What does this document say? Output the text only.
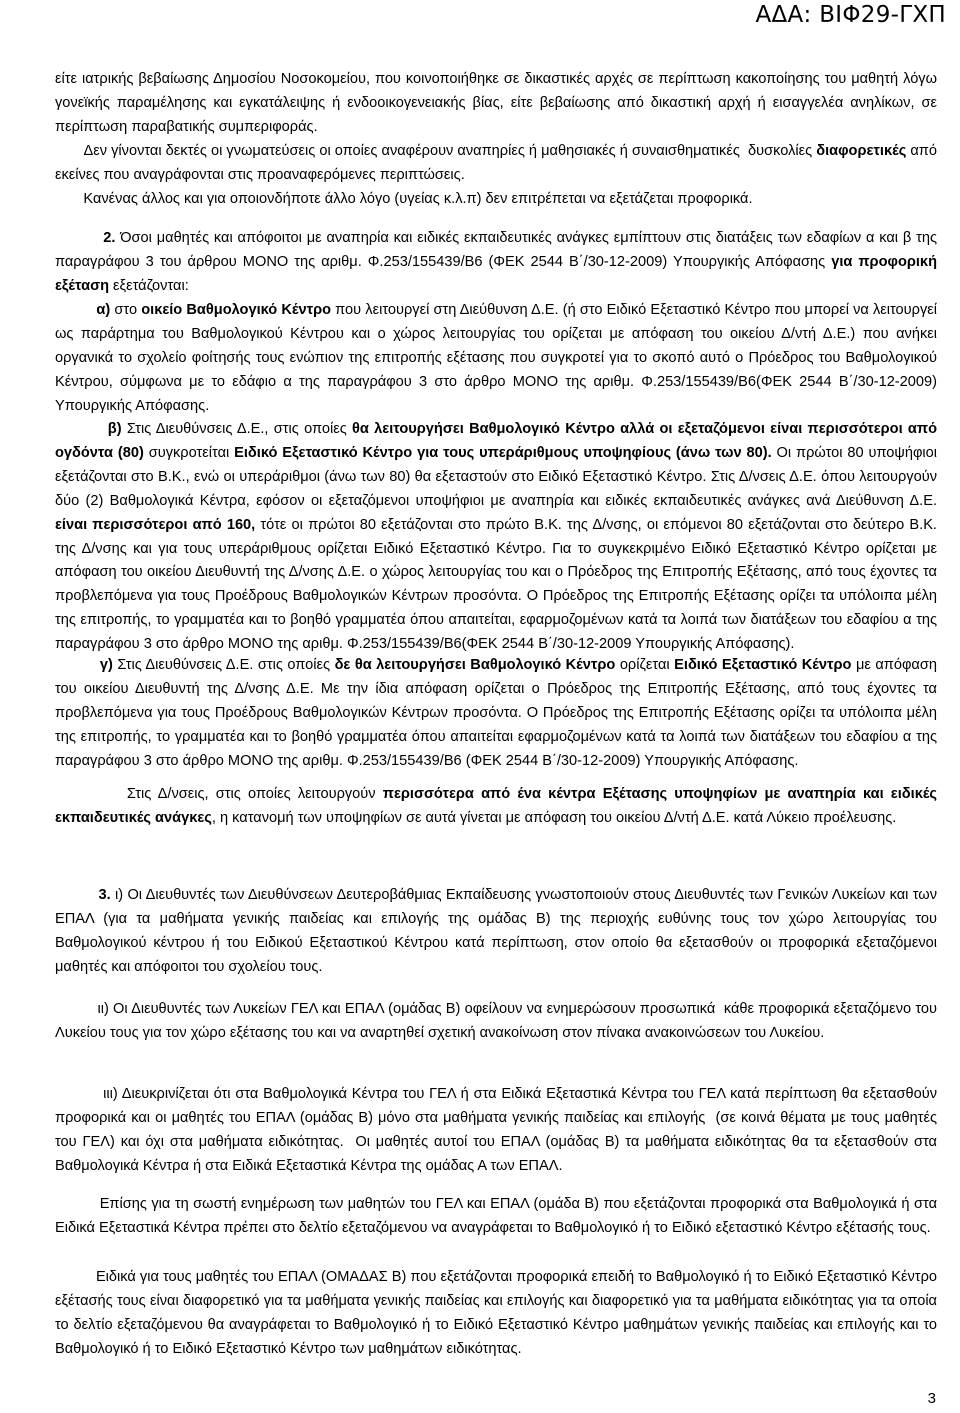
ΑΔΑ: ΒΙΦ29-ΓΧΠ

είτε ιατρικής βεβαίωσης Δημοσίου Νοσοκομείου, που κοινοποιήθηκε σε δικαστικές αρχές σε περίπτωση κακοποίησης του μαθητή λόγω γονεϊκής παραμέλησης και εγκατάλειψης ή ενδοοικογενειακής βίας, είτε βεβαίωσης από δικαστική αρχή ή εισαγγελέα ανηλίκων, σε περίπτωση παραβατικής συμπεριφοράς.

Δεν γίνονται δεκτές οι γνωματεύσεις οι οποίες αναφέρουν αναπηρίες ή μαθησιακές ή συναισθηματικές  δυσκολίες διαφορετικές από εκείνες που αναγράφονται στις προαναφερόμενες περιπτώσεις.

Κανένας άλλος και για οποιονδήποτε άλλο λόγο (υγείας κ.λ.π) δεν επιτρέπεται να εξετάζεται προφορικά.

2. Όσοι μαθητές και απόφοιτοι με αναπηρία και ειδικές εκπαιδευτικές ανάγκες εμπίπτουν στις διατάξεις των εδαφίων α και β της παραγράφου 3 του άρθρου ΜΟΝΟ της αριθμ. Φ.253/155439/Β6 (ΦΕΚ 2544 Β΄/30-12-2009) Υπουργικής Απόφασης για προφορική εξέταση εξετάζονται:

α) στο οικείο Βαθμολογικό Κέντρο που λειτουργεί στη Διεύθυνση Δ.Ε. (ή στο Ειδικό Εξεταστικό Κέντρο που μπορεί να λειτουργεί ως παράρτημα του Βαθμολογικού Κέντρου και ο χώρος λειτουργίας του ορίζεται με απόφαση του οικείου Δ/ντή Δ.Ε.) που ανήκει οργανικά το σχολείο φοίτησής τους ενώπιον της επιτροπής εξέτασης που συγκροτεί για το σκοπό αυτό ο Πρόεδρος του Βαθμολογικού Κέντρου, σύμφωνα με το εδάφιο α της παραγράφου 3 στο άρθρο ΜΟΝΟ της αριθμ. Φ.253/155439/Β6(ΦΕΚ 2544 Β΄/30-12-2009) Υπουργικής Απόφασης.

β) Στις Διευθύνσεις Δ.Ε., στις οποίες θα λειτουργήσει Βαθμολογικό Κέντρο αλλά οι εξεταζόμενοι είναι περισσότεροι από ογδόντα (80) συγκροτείται Ειδικό Εξεταστικό Κέντρο για τους υπεράριθμους υποψηφίους (άνω των 80). Οι πρώτοι 80 υποψήφιοι εξετάζονται στο Β.Κ., ενώ οι υπεράριθμοι (άνω των 80) θα εξεταστούν στο Ειδικό Εξεταστικό Κέντρο. Στις Δ/νσεις Δ.Ε. όπου λειτουργούν δύο (2) Βαθμολογικά Κέντρα, εφόσον οι εξεταζόμενοι υποψήφιοι με αναπηρία και ειδικές εκπαιδευτικές ανάγκες ανά Διεύθυνση Δ.Ε. είναι περισσότεροι από 160, τότε οι πρώτοι 80 εξετάζονται στο πρώτο Β.Κ. της Δ/νσης, οι επόμενοι 80 εξετάζονται στο δεύτερο Β.Κ. της Δ/νσης και για τους υπεράριθμους ορίζεται Ειδικό Εξεταστικό Κέντρο. Για το συγκεκριμένο Ειδικό Εξεταστικό Κέντρο ορίζεται με απόφαση του οικείου Διευθυντή της Δ/νσης Δ.Ε. ο χώρος λειτουργίας του και ο Πρόεδρος της Επιτροπής Εξέτασης, από τους έχοντες τα προβλεπόμενα για τους Προέδρους Βαθμολογικών Κέντρων προσόντα. Ο Πρόεδρος της Επιτροπής Εξέτασης ορίζει τα υπόλοιπα μέλη της επιτροπής, το γραμματέα και το βοηθό γραμματέα όπου απαιτείται, εφαρμοζομένων κατά τα λοιπά των διατάξεων του εδαφίου α της παραγράφου 3 στο άρθρο ΜΟΝΟ της αριθμ. Φ.253/155439/Β6(ΦΕΚ 2544 Β΄/30-12-2009 Υπουργικής Απόφασης).

γ) Στις Διευθύνσεις Δ.Ε. στις οποίες δε θα λειτουργήσει Βαθμολογικό Κέντρο ορίζεται Ειδικό Εξεταστικό Κέντρο με απόφαση του οικείου Διευθυντή της Δ/νσης Δ.Ε. Με την ίδια απόφαση ορίζεται ο Πρόεδρος της Επιτροπής Εξέτασης, από τους έχοντες τα προβλεπόμενα για τους Προέδρους Βαθμολογικών Κέντρων προσόντα. Ο Πρόεδρος της Επιτροπής Εξέτασης ορίζει τα υπόλοιπα μέλη της επιτροπής, το γραμματέα και το βοηθό γραμματέα όπου απαιτείται εφαρμοζομένων κατά τα λοιπά των διατάξεων του εδαφίου α της παραγράφου 3 στο άρθρο ΜΟΝΟ της αριθμ. Φ.253/155439/Β6 (ΦΕΚ 2544 Β΄/30-12-2009) Υπουργικής Απόφασης.

Στις Δ/νσεις, στις οποίες λειτουργούν περισσότερα από ένα κέντρα Εξέτασης υποψηφίων με αναπηρία και ειδικές εκπαιδευτικές ανάγκες, η κατανομή των υποψηφίων σε αυτά γίνεται με απόφαση του οικείου Δ/ντή Δ.Ε. κατά Λύκειο προέλευσης.

3. ι) Οι Διευθυντές των Διευθύνσεων Δευτεροβάθμιας Εκπαίδευσης γνωστοποιούν στους Διευθυντές των Γενικών Λυκείων και των ΕΠΑΛ (για τα μαθήματα γενικής παιδείας και επιλογής της ομάδας Β) της περιοχής ευθύνης τους τον χώρο λειτουργίας του Βαθμολογικού κέντρου ή του Ειδικού Εξεταστικού Κέντρου κατά περίπτωση, στον οποίο θα εξετασθούν οι προφορικά εξεταζόμενοι μαθητές και απόφοιτοι του σχολείου τους.

ιι) Οι Διευθυντές των Λυκείων ΓΕΛ και ΕΠΑΛ (ομάδας Β) οφείλουν να ενημερώσουν προσωπικά  κάθε προφορικά εξεταζόμενο του Λυκείου τους για τον χώρο εξέτασης του και να αναρτηθεί σχετική ανακοίνωση στον πίνακα ανακοινώσεων του Λυκείου.

ιιι) Διευκρινίζεται ότι στα Βαθμολογικά Κέντρα του ΓΕΛ ή στα Ειδικά Εξεταστικά Κέντρα του ΓΕΛ κατά περίπτωση θα εξετασθούν προφορικά και οι μαθητές του ΕΠΑΛ (ομάδας Β) μόνο στα μαθήματα γενικής παιδείας και επιλογής  (σε κοινά θέματα με τους μαθητές του ΓΕΛ) και όχι στα μαθήματα ειδικότητας.  Οι μαθητές αυτοί του ΕΠΑΛ (ομάδας Β) τα μαθήματα ειδικότητας θα τα εξετασθούν στα Βαθμολογικά Κέντρα ή στα Ειδικά Εξεταστικά Κέντρα της ομάδας Α των ΕΠΑΛ.

Επίσης για τη σωστή ενημέρωση των μαθητών του ΓΕΛ και ΕΠΑΛ (ομάδα Β) που εξετάζονται προφορικά στα Βαθμολογικά ή στα Ειδικά Εξεταστικά Κέντρα πρέπει στο δελτίο εξεταζόμενου να αναγράφεται το Βαθμολογικό ή το Ειδικό εξεταστικό Κέντρο εξέτασής τους.

Ειδικά για τους μαθητές του ΕΠΑΛ (ΟΜΑΔΑΣ Β) που εξετάζονται προφορικά επειδή το Βαθμολογικό ή το Ειδικό Εξεταστικό Κέντρο εξέτασής τους είναι διαφορετικό για τα μαθήματα γενικής παιδείας και επιλογής και διαφορετικό για τα μαθήματα ειδικότητας για τα οποία το δελτίο εξεταζόμενου θα αναγράφεται το Βαθμολογικό ή το Ειδικό Εξεταστικό Κέντρο μαθημάτων γενικής παιδείας και επιλογής και το Βαθμολογικό ή το Ειδικό Εξεταστικό Κέντρο των μαθημάτων ειδικότητας.

3
